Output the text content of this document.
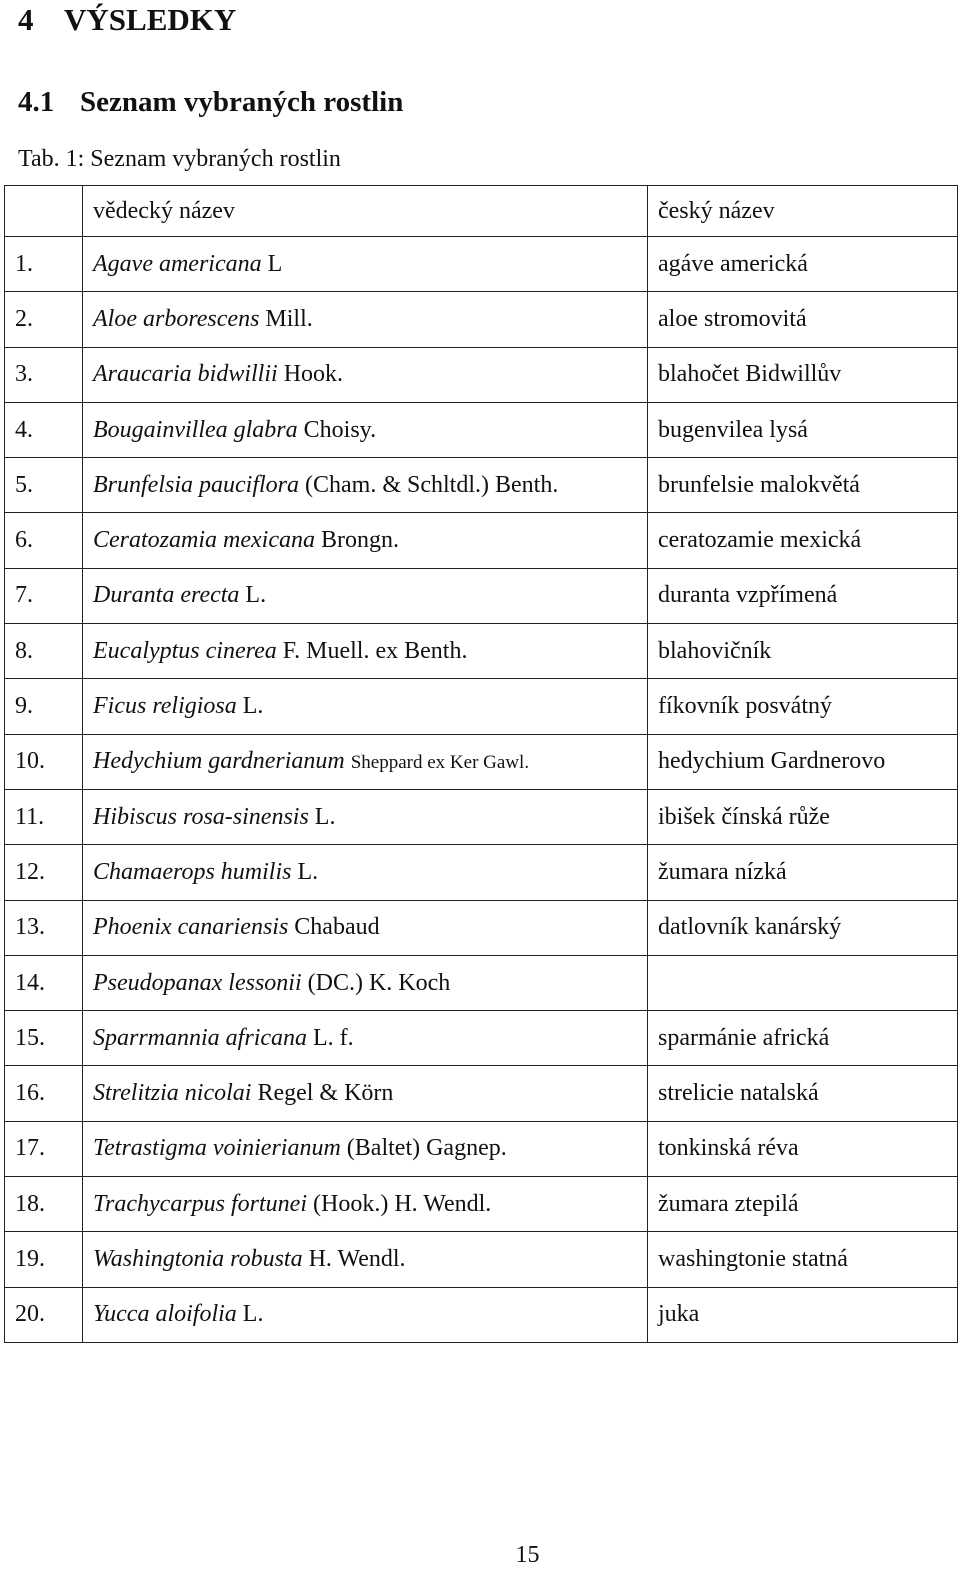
4 VÝSLEDKY
4.1 Seznam vybraných rostlin
Tab. 1: Seznam vybraných rostlin
	vědecký název	český název
1.	Agave americana L	agáve americká
2.	Aloe arborescens Mill.	aloe stromovitá
3.	Araucaria bidwillii Hook.	blahočet Bidwillův
4.	Bougainvillea glabra Choisy.	bugenvilea lysá
5.	Brunfelsia pauciflora (Cham. & Schltdl.) Benth.	brunfelsie malokvětá
6.	Ceratozamia mexicana Brongn.	ceratozamie mexická
7.	Duranta erecta L.	duranta vzpřímená
8.	Eucalyptus cinerea F. Muell. ex Benth.	blahovičník
9.	Ficus religiosa L.	fíkovník posvátný
10.	Hedychium gardnerianum Sheppard ex Ker Gawl.	hedychium Gardnerovo
11.	Hibiscus rosa-sinensis L.	ibišek čínská růže
12.	Chamaerops humilis L.	žumara nízká
13.	Phoenix canariensis Chabaud	datlovník kanárský
14.	Pseudopanax lessonii (DC.) K. Koch	
15.	Sparrmannia africana L. f.	sparmánie africká
16.	Strelitzia nicolai Regel & Körn	strelicie natalská
17.	Tetrastigma voinierianum (Baltet) Gagnep.	tonkinská réva
18.	Trachycarpus fortunei (Hook.) H. Wendl.	žumara ztepilá
19.	Washingtonia robusta H. Wendl.	washingtonie statná
20.	Yucca aloifolia L.	juka
15
